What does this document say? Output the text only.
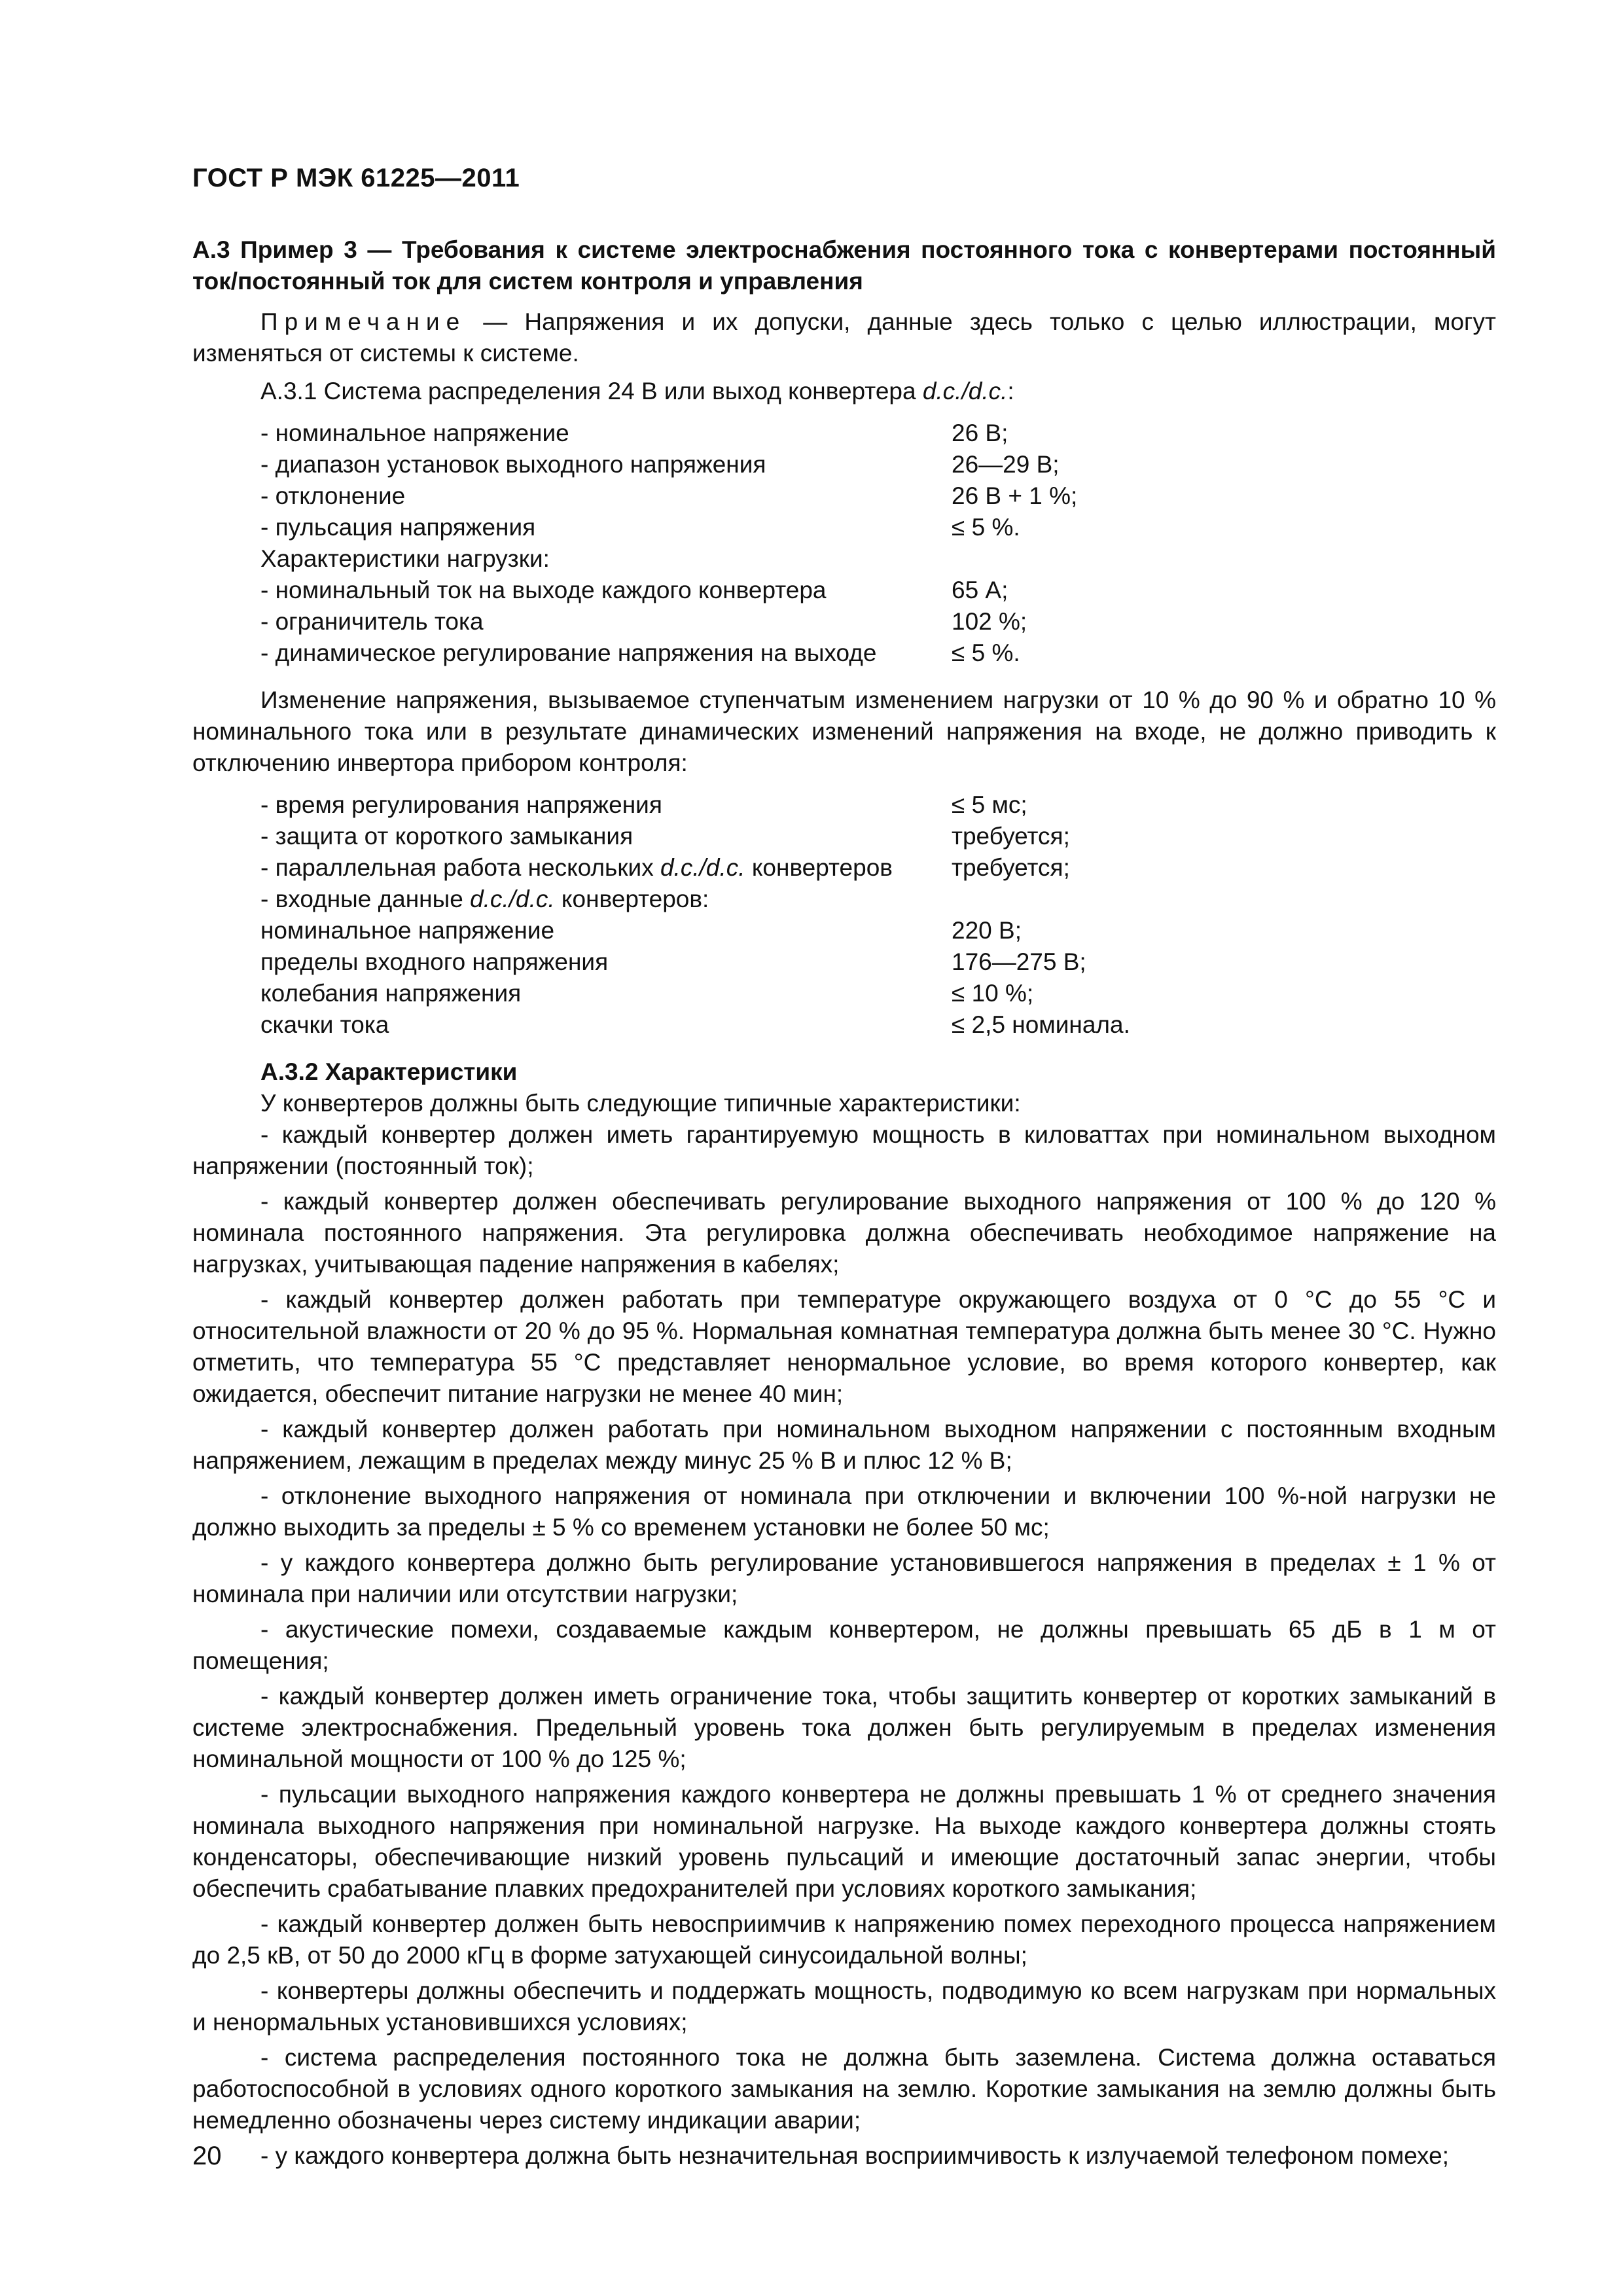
ГОСТ Р МЭК 61225—2011

А.3 Пример 3 — Требования к системе электроснабжения постоянного тока с конвертерами постоянный ток/постоянный ток для систем контроля и управления

Примечание — Напряжения и их допуски, данные здесь только с целью иллюстрации, могут изменяться от системы к системе.

А.3.1 Система распределения 24 В или выход конвертера d.c./d.c.:

- номинальное напряжение	26 В;
- диапазон установок выходного напряжения	26—29 В;
- отклонение	26 В + 1 %;
- пульсация напряжения	≤ 5 %.
Характеристики нагрузки:
- номинальный ток на выходе каждого конвертера	65 А;
- ограничитель тока	102 %;
- динамическое регулирование напряжения на выходе	≤ 5 %.

Изменение напряжения, вызываемое ступенчатым изменением нагрузки от 10 % до 90 % и обратно 10 % номинального тока или в результате динамических изменений напряжения на входе, не должно приводить к отключению инвертора прибором контроля:

- время регулирования напряжения	≤ 5 мс;
- защита от короткого замыкания	требуется;
- параллельная работа нескольких d.c./d.c. конвертеров	требуется;
- входные данные d.c./d.c. конвертеров:
номинальное напряжение	220 В;
пределы входного напряжения	176—275 В;
колебания напряжения	≤ 10 %;
скачки тока	≤ 2,5 номинала.

А.3.2 Характеристики

У конвертеров должны быть следующие типичные характеристики:

- каждый конвертер должен иметь гарантируемую мощность в киловаттах при номинальном выходном напряжении (постоянный ток);

- каждый конвертер должен обеспечивать регулирование выходного напряжения от 100 % до 120 % номинала постоянного напряжения. Эта регулировка должна обеспечивать необходимое напряжение на нагрузках, учитывающая падение напряжения в кабелях;

- каждый конвертер должен работать при температуре окружающего воздуха от 0 °С до 55 °С и относительной влажности от 20 % до 95 %. Нормальная комнатная температура должна быть менее 30 °С. Нужно отметить, что температура 55 °С представляет ненормальное условие, во время которого конвертер, как ожидается, обеспечит питание нагрузки не менее 40 мин;

- каждый конвертер должен работать при номинальном выходном напряжении с постоянным входным напряжением, лежащим в пределах между минус 25 % В и плюс 12 % В;

- отклонение выходного напряжения от номинала при отключении и включении 100 %-ной нагрузки не должно выходить за пределы ± 5 % со временем установки не более 50 мс;

- у каждого конвертера должно быть регулирование установившегося напряжения в пределах ± 1 % от номинала при наличии или отсутствии нагрузки;

- акустические помехи, создаваемые каждым конвертером, не должны превышать 65 дБ в 1 м от помещения;

- каждый конвертер должен иметь ограничение тока, чтобы защитить конвертер от коротких замыканий в системе электроснабжения. Предельный уровень тока должен быть регулируемым в пределах изменения номинальной мощности от 100 % до 125 %;

- пульсации выходного напряжения каждого конвертера не должны превышать 1 % от среднего значения номинала выходного напряжения при номинальной нагрузке. На выходе каждого конвертера должны стоять конденсаторы, обеспечивающие низкий уровень пульсаций и имеющие достаточный запас энергии, чтобы обеспечить срабатывание плавких предохранителей при условиях короткого замыкания;

- каждый конвертер должен быть невосприимчив к напряжению помех переходного процесса напряжением до 2,5 кВ, от 50 до 2000 кГц в форме затухающей синусоидальной волны;

- конвертеры должны обеспечить и поддержать мощность, подводимую ко всем нагрузкам при нормальных и ненормальных установившихся условиях;

- система распределения постоянного тока не должна быть заземлена. Система должна оставаться работоспособной в условиях одного короткого замыкания на землю. Короткие замыкания на землю должны быть немедленно обозначены через систему индикации аварии;

- у каждого конвертера должна быть незначительная восприимчивость к излучаемой телефоном помехе;

20
